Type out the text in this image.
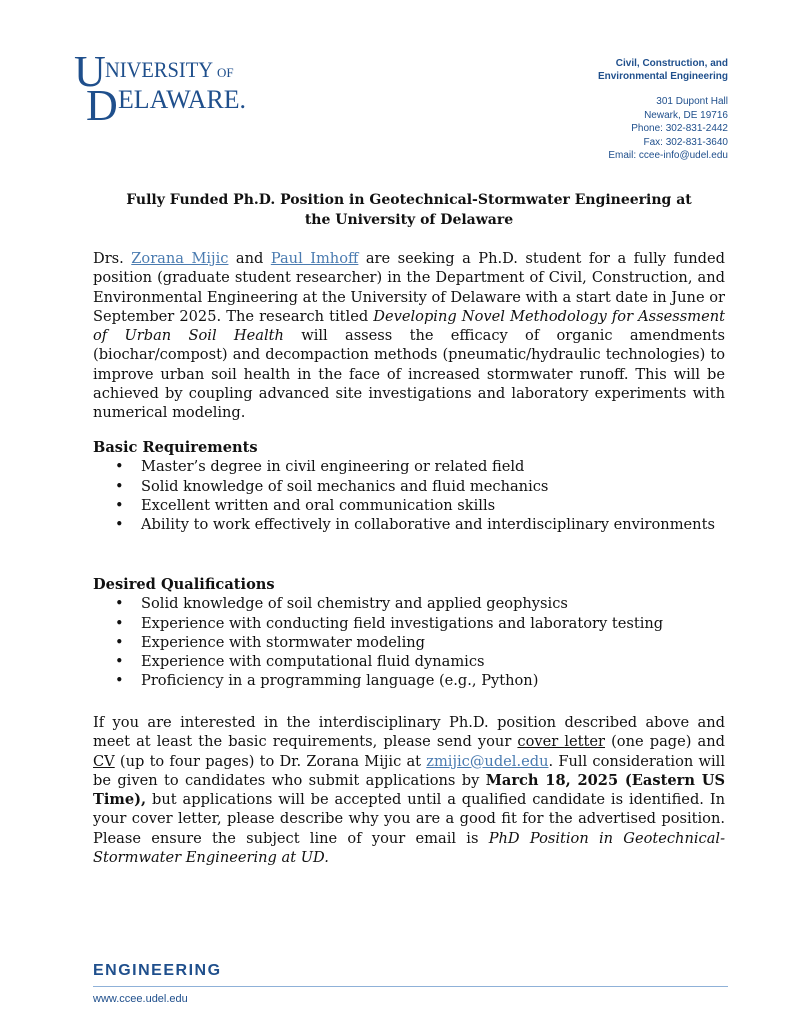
U
D
NIVERSITY OF
ELAWARE.
Civil, Construction, and
Environmental Engineering
301 Dupont Hall
Newark, DE 19716
Phone: 302-831-2442
Fax: 302-831-3640
Email: ccee-info@udel.edu
Fully Funded Ph.D. Position in Geotechnical-Stormwater Engineering at
the University of Delaware

Drs. Zorana Mijic and Paul Imhoff are seeking a Ph.D. student for a fully funded position (graduate student researcher) in the Department of Civil, Construction, and Environmental Engineering at the University of Delaware with a start date in June or September 2025. The research titled Developing Novel Methodology for Assessment of Urban Soil Health will assess the efficacy of organic amendments (biochar/compost) and decompaction methods (pneumatic/hydraulic technologies) to improve urban soil health in the face of increased stormwater runoff. This will be achieved by coupling advanced site investigations and laboratory experiments with numerical modeling.

Basic Requirements
• Master’s degree in civil engineering or related field
• Solid knowledge of soil mechanics and fluid mechanics
• Excellent written and oral communication skills
• Ability to work effectively in collaborative and interdisciplinary environments
Desired Qualifications
• Solid knowledge of soil chemistry and applied geophysics
• Experience with conducting field investigations and laboratory testing
• Experience with stormwater modeling
• Experience with computational fluid dynamics
• Proficiency in a programming language (e.g., Python)

If you are interested in the interdisciplinary Ph.D. position described above and meet at least the basic requirements, please send your cover letter (one page) and CV (up to four pages) to Dr. Zorana Mijic at zmijic@udel.edu. Full consideration will be given to candidates who submit applications by March 18, 2025 (Eastern US Time), but applications will be accepted until a qualified candidate is identified. In your cover letter, please describe why you are a good fit for the advertised position. Please ensure the subject line of your email is PhD Position in Geotechnical-Stormwater Engineering at UD.

ENGINEERING
www.ccee.udel.edu
